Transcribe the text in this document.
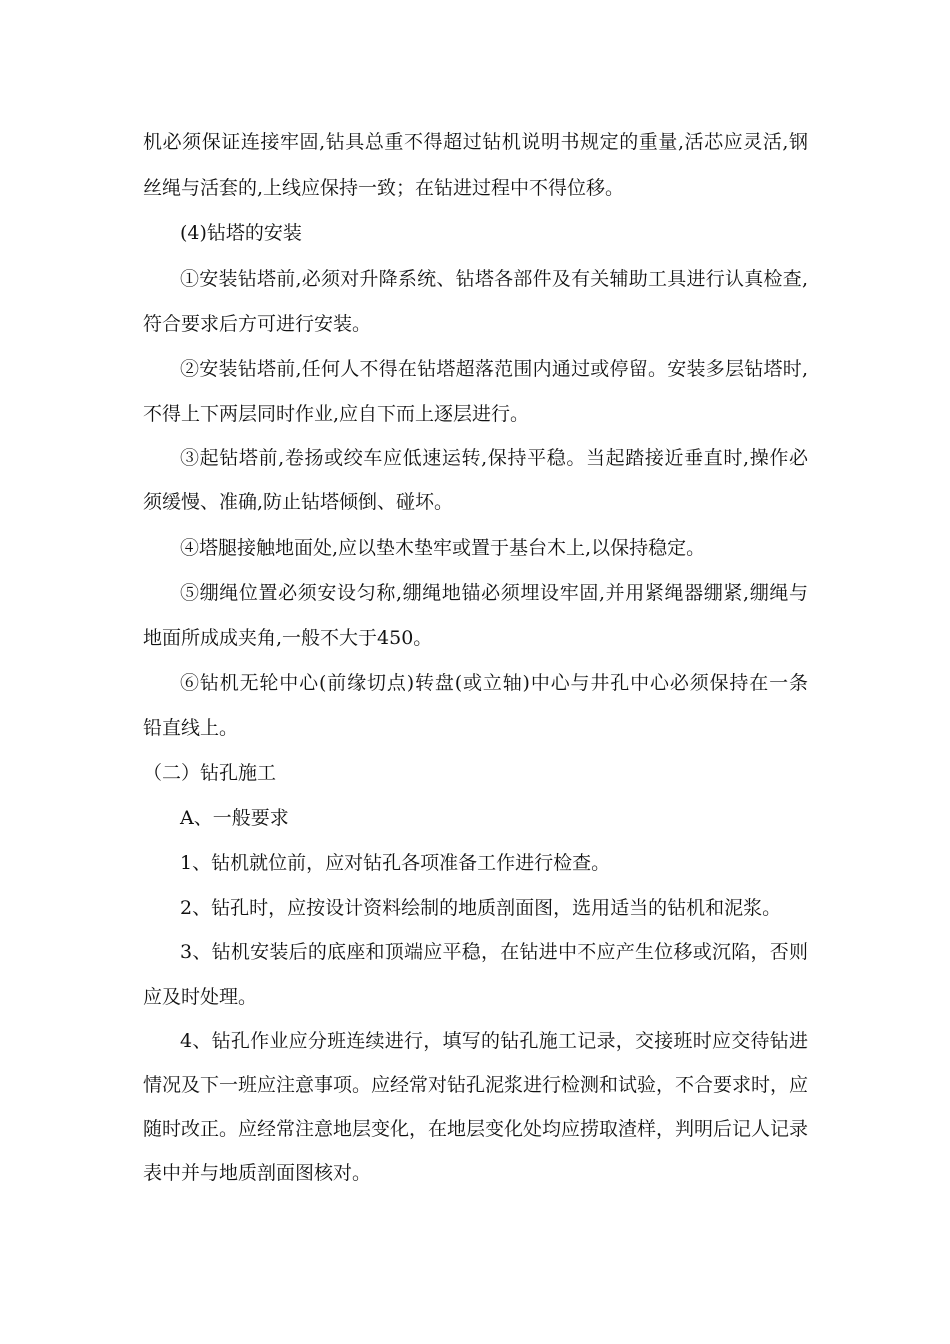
机必须保证连接牢固,钻具总重不得超过钻机说明书规定的重量,活芯应灵活,钢
丝绳与活套的,上线应保持一致；在钻进过程中不得位移。
(4)钻塔的安装
①安装钻塔前,必须对升降系统、钻塔各部件及有关辅助工具进行认真检查,
符合要求后方可进行安装。
②安装钻塔前,任何人不得在钻塔超落范围内通过或停留。安装多层钻塔时,
不得上下两层同时作业,应自下而上逐层进行。
③起钻塔前,卷扬或绞车应低速运转,保持平稳。当起踏接近垂直时,操作必
须缓慢、准确,防止钻塔倾倒、碰坏。
④塔腿接触地面处,应以垫木垫牢或置于基台木上,以保持稳定。
⑤绷绳位置必须安设匀称,绷绳地锚必须埋设牢固,并用紧绳器绷紧,绷绳与
地面所成成夹角,一般不大于450。
⑥钻机无轮中心(前缘切点)转盘(或立轴)中心与井孔中心必须保持在一条
铅直线上。
（二）钻孔施工
A、一般要求
1、钻机就位前，应对钻孔各项准备工作进行检查。
2、钻孔时，应按设计资料绘制的地质剖面图，选用适当的钻机和泥浆。
3、钻机安装后的底座和顶端应平稳，在钻进中不应产生位移或沉陷，否则
应及时处理。
4、钻孔作业应分班连续进行，填写的钻孔施工记录，交接班时应交待钻进
情况及下一班应注意事项。应经常对钻孔泥浆进行检测和试验，不合要求时，应
随时改正。应经常注意地层变化，在地层变化处均应捞取渣样，判明后记人记录
表中并与地质剖面图核对。
